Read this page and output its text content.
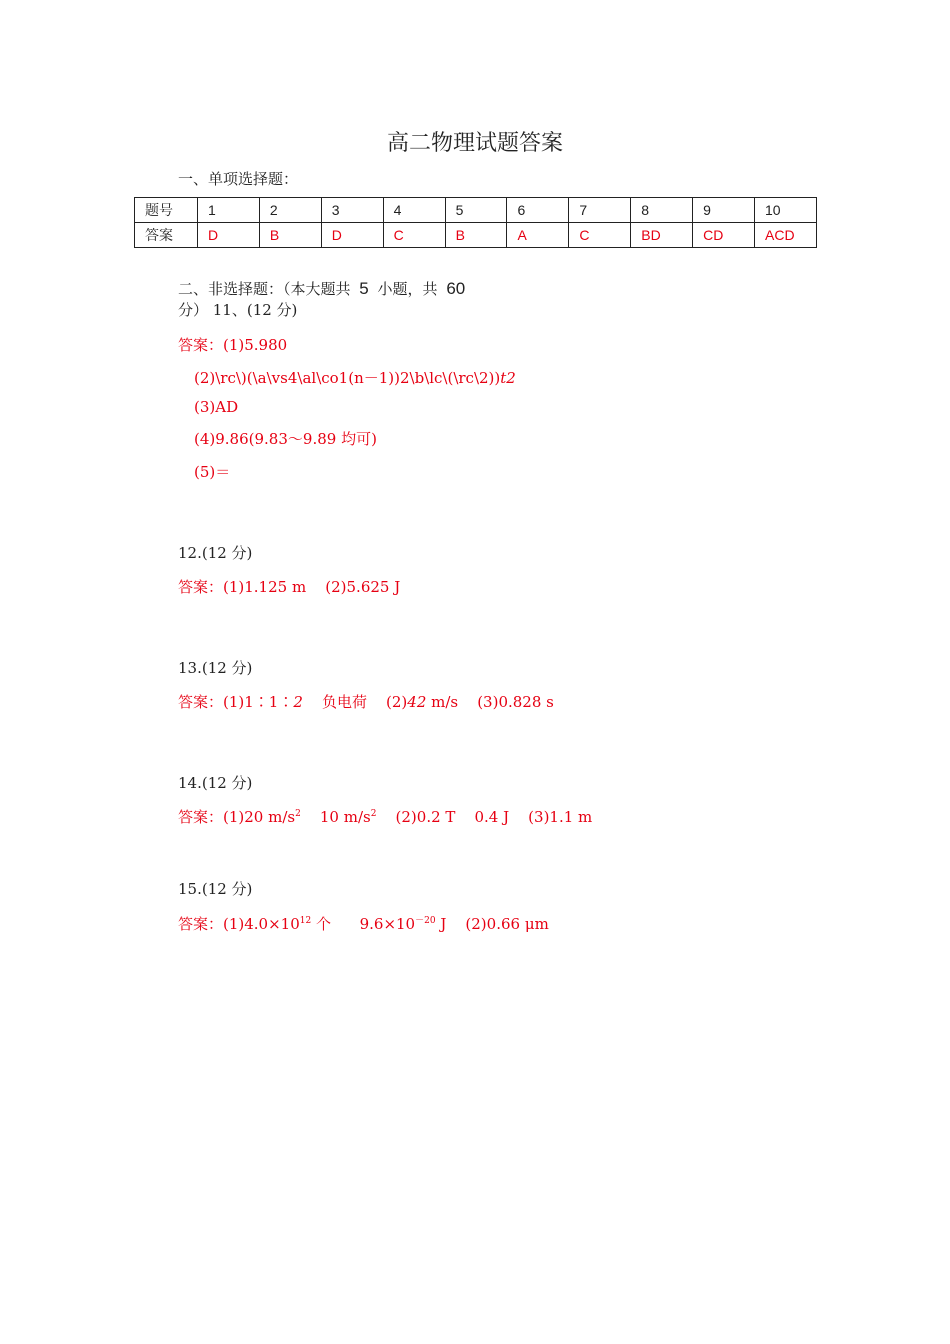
高二物理试题答案
一、单项选择题：
题号	1	2	3	4	5	6	7	8	9	10
答案	D	B	D	C	B	A	C	BD	CD	ACD
二、非选择题：（本大题共 5 小题，共 60
分） 11、(12 分)
答案：(1)5.980
(2)\rc\)(\a\vs4\al\co1(n－1))2\b\lc\(\rc\2))t2
(3)AD
(4)9.86(9.83～9.89 均可)
(5)＝
12.(12 分)
答案：(1)1.125 m    (2)5.625 J
13.(12 分)
答案：(1)1∶1∶2    负电荷    (2)42 m/s    (3)0.828 s
14.(12 分)
答案：(1)20 $m/s^2$    10 $m/s^2$    (2)0.2 T    0.4 J    (3)1.1 m
15.(12 分)
答案：$(1)4.0\times 10^{12}$ 个      $9.6\times 10^{-20}$ J    (2)0.66 μm
